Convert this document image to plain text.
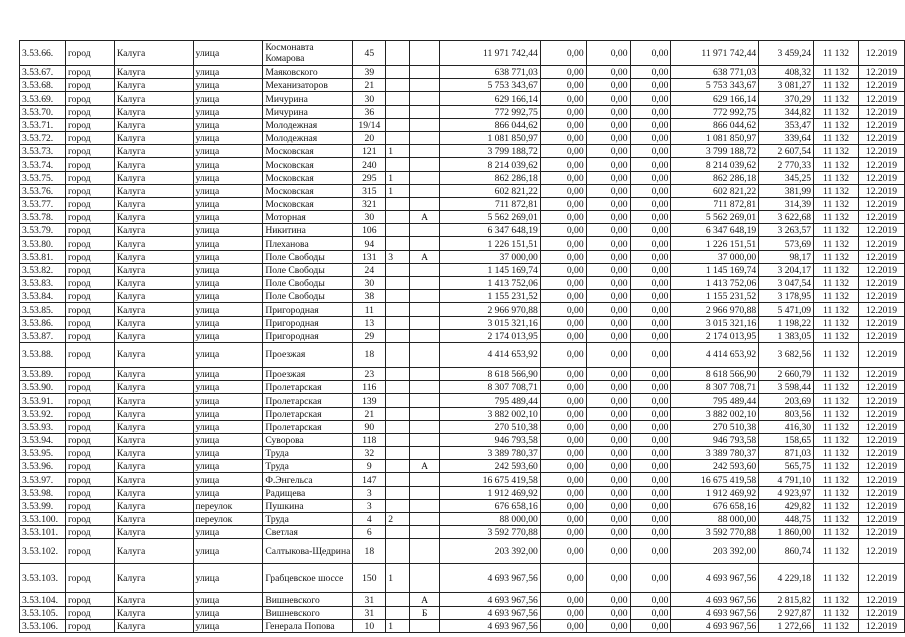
3.53.66.	город	Калуга	улица	Космонавта Комарова	45			11 971 742,44	0,00	0,00	0,00	11 971 742,44	3 459,24	11 132	12.2019
3.53.67.	город	Калуга	улица	Маяковского	39			638 771,03	0,00	0,00	0,00	638 771,03	408,32	11 132	12.2019
3.53.68.	город	Калуга	улица	Механизаторов	21			5 753 343,67	0,00	0,00	0,00	5 753 343,67	3 081,27	11 132	12.2019
3.53.69.	город	Калуга	улица	Мичурина	30			629 166,14	0,00	0,00	0,00	629 166,14	370,29	11 132	12.2019
3.53.70.	город	Калуга	улица	Мичурина	36			772 992,75	0,00	0,00	0,00	772 992,75	344,82	11 132	12.2019
3.53.71.	город	Калуга	улица	Молодежная	19/14			866 044,62	0,00	0,00	0,00	866 044,62	353,47	11 132	12.2019
3.53.72.	город	Калуга	улица	Молодежная	20			1 081 850,97	0,00	0,00	0,00	1 081 850,97	339,64	11 132	12.2019
3.53.73.	город	Калуга	улица	Московская	121	1		3 799 188,72	0,00	0,00	0,00	3 799 188,72	2 607,54	11 132	12.2019
3.53.74.	город	Калуга	улица	Московская	240			8 214 039,62	0,00	0,00	0,00	8 214 039,62	2 770,33	11 132	12.2019
3.53.75.	город	Калуга	улица	Московская	295	1		862 286,18	0,00	0,00	0,00	862 286,18	345,25	11 132	12.2019
3.53.76.	город	Калуга	улица	Московская	315	1		602 821,22	0,00	0,00	0,00	602 821,22	381,99	11 132	12.2019
3.53.77.	город	Калуга	улица	Московская	321			711 872,81	0,00	0,00	0,00	711 872,81	314,39	11 132	12.2019
3.53.78.	город	Калуга	улица	Моторная	30		А	5 562 269,01	0,00	0,00	0,00	5 562 269,01	3 622,68	11 132	12.2019
3.53.79.	город	Калуга	улица	Никитина	106			6 347 648,19	0,00	0,00	0,00	6 347 648,19	3 263,57	11 132	12.2019
3.53.80.	город	Калуга	улица	Плеханова	94			1 226 151,51	0,00	0,00	0,00	1 226 151,51	573,69	11 132	12.2019
3.53.81.	город	Калуга	улица	Поле Свободы	131	3	А	37 000,00	0,00	0,00	0,00	37 000,00	98,17	11 132	12.2019
3.53.82.	город	Калуга	улица	Поле Свободы	24			1 145 169,74	0,00	0,00	0,00	1 145 169,74	3 204,17	11 132	12.2019
3.53.83.	город	Калуга	улица	Поле Свободы	30			1 413 752,06	0,00	0,00	0,00	1 413 752,06	3 047,54	11 132	12.2019
3.53.84.	город	Калуга	улица	Поле Свободы	38			1 155 231,52	0,00	0,00	0,00	1 155 231,52	3 178,95	11 132	12.2019
3.53.85.	город	Калуга	улица	Пригородная	11			2 966 970,88	0,00	0,00	0,00	2 966 970,88	5 471,09	11 132	12.2019
3.53.86.	город	Калуга	улица	Пригородная	13			3 015 321,16	0,00	0,00	0,00	3 015 321,16	1 198,22	11 132	12.2019
3.53.87.	город	Калуга	улица	Пригородная	29			2 174 013,95	0,00	0,00	0,00	2 174 013,95	1 383,05	11 132	12.2019
3.53.88.	город	Калуга	улица	Проезжая	18			4 414 653,92	0,00	0,00	0,00	4 414 653,92	3 682,56	11 132	12.2019
3.53.89.	город	Калуга	улица	Проезжая	23			8 618 566,90	0,00	0,00	0,00	8 618 566,90	2 660,79	11 132	12.2019
3.53.90.	город	Калуга	улица	Пролетарская	116			8 307 708,71	0,00	0,00	0,00	8 307 708,71	3 598,44	11 132	12.2019
3.53.91.	город	Калуга	улица	Пролетарская	139			795 489,44	0,00	0,00	0,00	795 489,44	203,69	11 132	12.2019
3.53.92.	город	Калуга	улица	Пролетарская	21			3 882 002,10	0,00	0,00	0,00	3 882 002,10	803,56	11 132	12.2019
3.53.93.	город	Калуга	улица	Пролетарская	90			270 510,38	0,00	0,00	0,00	270 510,38	416,30	11 132	12.2019
3.53.94.	город	Калуга	улица	Суворова	118			946 793,58	0,00	0,00	0,00	946 793,58	158,65	11 132	12.2019
3.53.95.	город	Калуга	улица	Труда	32			3 389 780,37	0,00	0,00	0,00	3 389 780,37	871,03	11 132	12.2019
3.53.96.	город	Калуга	улица	Труда	9		А	242 593,60	0,00	0,00	0,00	242 593,60	565,75	11 132	12.2019
3.53.97.	город	Калуга	улица	Ф.Энгельса	147			16 675 419,58	0,00	0,00	0,00	16 675 419,58	4 791,10	11 132	12.2019
3.53.98.	город	Калуга	улица	Радищева	3			1 912 469,92	0,00	0,00	0,00	1 912 469,92	4 923,97	11 132	12.2019
3.53.99.	город	Калуга	переулок	Пушкина	3			676 658,16	0,00	0,00	0,00	676 658,16	429,82	11 132	12.2019
3.53.100.	город	Калуга	переулок	Труда	4	2		88 000,00	0,00	0,00	0,00	88 000,00	448,75	11 132	12.2019
3.53.101.	город	Калуга	улица	Светлая	6			3 592 770,88	0,00	0,00	0,00	3 592 770,88	1 860,00	11 132	12.2019
3.53.102.	город	Калуга	улица	Салтыкова-Щедрина	18			203 392,00	0,00	0,00	0,00	203 392,00	860,74	11 132	12.2019
3.53.103.	город	Калуга	улица	Грабцевское шоссе	150	1		4 693 967,56	0,00	0,00	0,00	4 693 967,56	4 229,18	11 132	12.2019
3.53.104.	город	Калуга	улица	Вишневского	31		А	4 693 967,56	0,00	0,00	0,00	4 693 967,56	2 815,82	11 132	12.2019
3.53.105.	город	Калуга	улица	Вишневского	31		Б	4 693 967,56	0,00	0,00	0,00	4 693 967,56	2 927,87	11 132	12.2019
3.53.106.	город	Калуга	улица	Генерала Попова	10	1		4 693 967,56	0,00	0,00	0,00	4 693 967,56	1 272,66	11 132	12.2019
